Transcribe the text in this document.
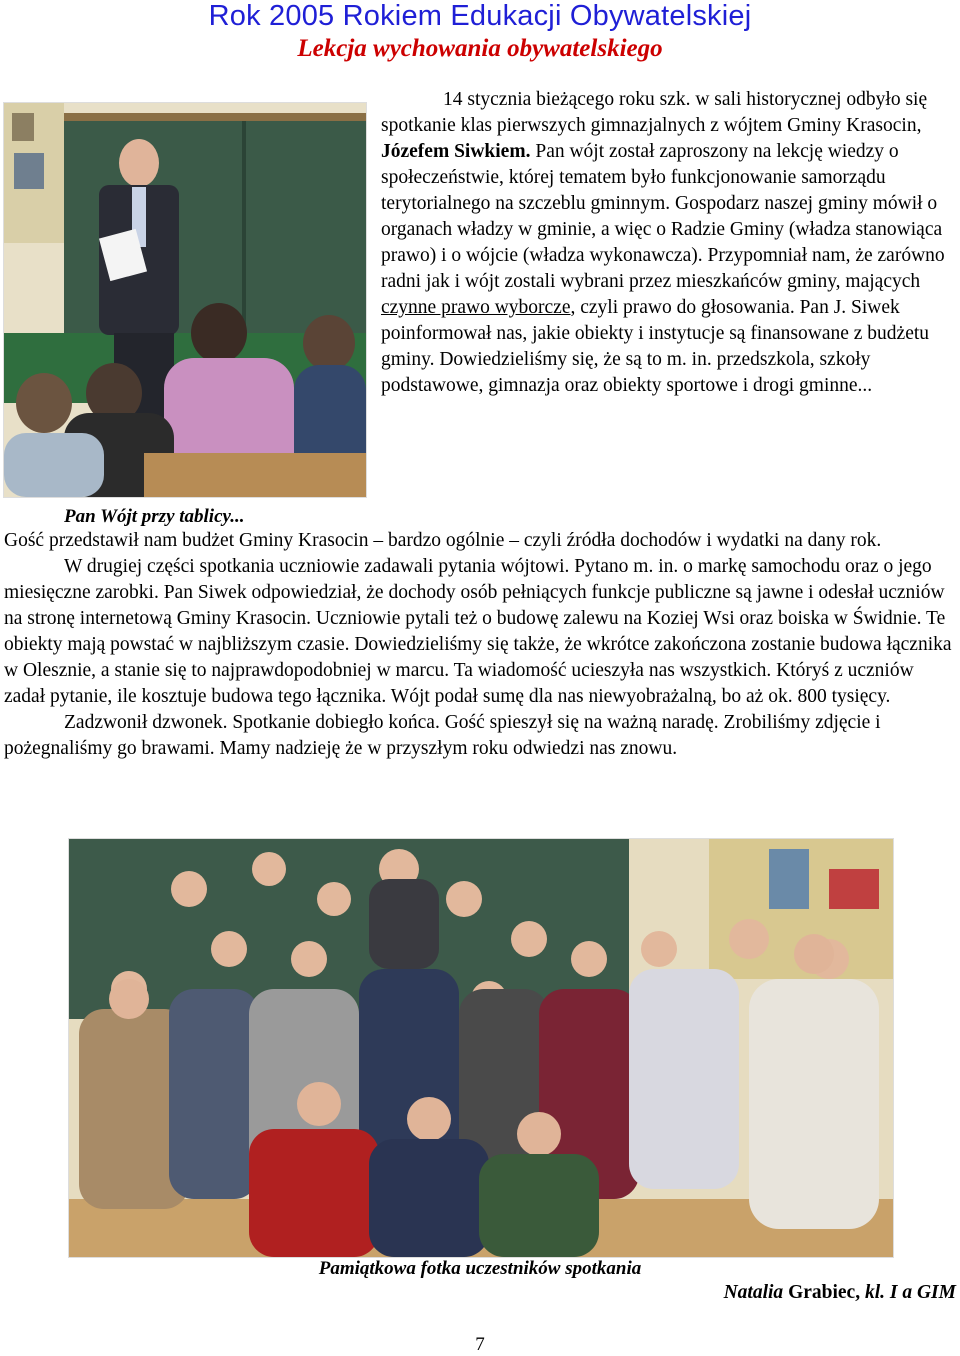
Rok 2005 Rokiem Edukacji Obywatelskiej
Lekcja wychowania obywatelskiego

14 stycznia bieżącego roku szk. w sali historycznej odbyło się spotkanie klas pierwszych gimnazjalnych z wójtem Gminy Krasocin, Józefem Siwkiem. Pan wójt został zaproszony na lekcję wiedzy o społeczeństwie, której tematem było funkcjonowanie samorządu terytorialnego na szczeblu gminnym. Gospodarz naszej gminy mówił o organach władzy w gminie, a więc o Radzie Gminy (władza stanowiąca prawo) i o wójcie (władza wykonawcza). Przypomniał nam, że zarówno radni jak i wójt zostali wybrani przez mieszkańców gminy, mających czynne prawo wyborcze, czyli prawo do głosowania. Pan J. Siwek poinformował nas, jakie obiekty i instytucje są finansowane z budżetu gminy. Dowiedzieliśmy się, że są to m. in. przedszkola, szkoły podstawowe, gimnazja oraz obiekty sportowe i drogi gminne...

Pan Wójt przy tablicy...

Gość przedstawił nam budżet Gminy Krasocin – bardzo ogólnie – czyli źródła dochodów i wydatki na dany rok.

W drugiej części spotkania uczniowie zadawali pytania wójtowi. Pytano m. in. o markę samochodu oraz o jego miesięczne zarobki. Pan Siwek odpowiedział, że dochody osób pełniących funkcje publiczne są jawne i odesłał uczniów na stronę internetową Gminy Krasocin. Uczniowie pytali też o budowę zalewu na Koziej Wsi oraz boiska w Świdnie. Te obiekty mają powstać w najbliższym czasie. Dowiedzieliśmy się także, że wkrótce zakończona zostanie budowa łącznika w Olesznie, a stanie się to najprawdopodobniej w marcu. Ta wiadomość ucieszyła nas wszystkich. Któryś z uczniów zadał pytanie, ile kosztuje budowa tego łącznika. Wójt podał sumę dla nas niewyobrażalną, bo aż ok. 800 tysięcy.

Zadzwonił dzwonek. Spotkanie dobiegło końca. Gość spieszył się na ważną naradę. Zrobiliśmy zdjęcie i pożegnaliśmy go brawami. Mamy nadzieję że w przyszłym roku odwiedzi nas znowu.

Pamiątkowa fotka uczestników spotkania
Natalia Grabiec, kl. I a GIM
7
